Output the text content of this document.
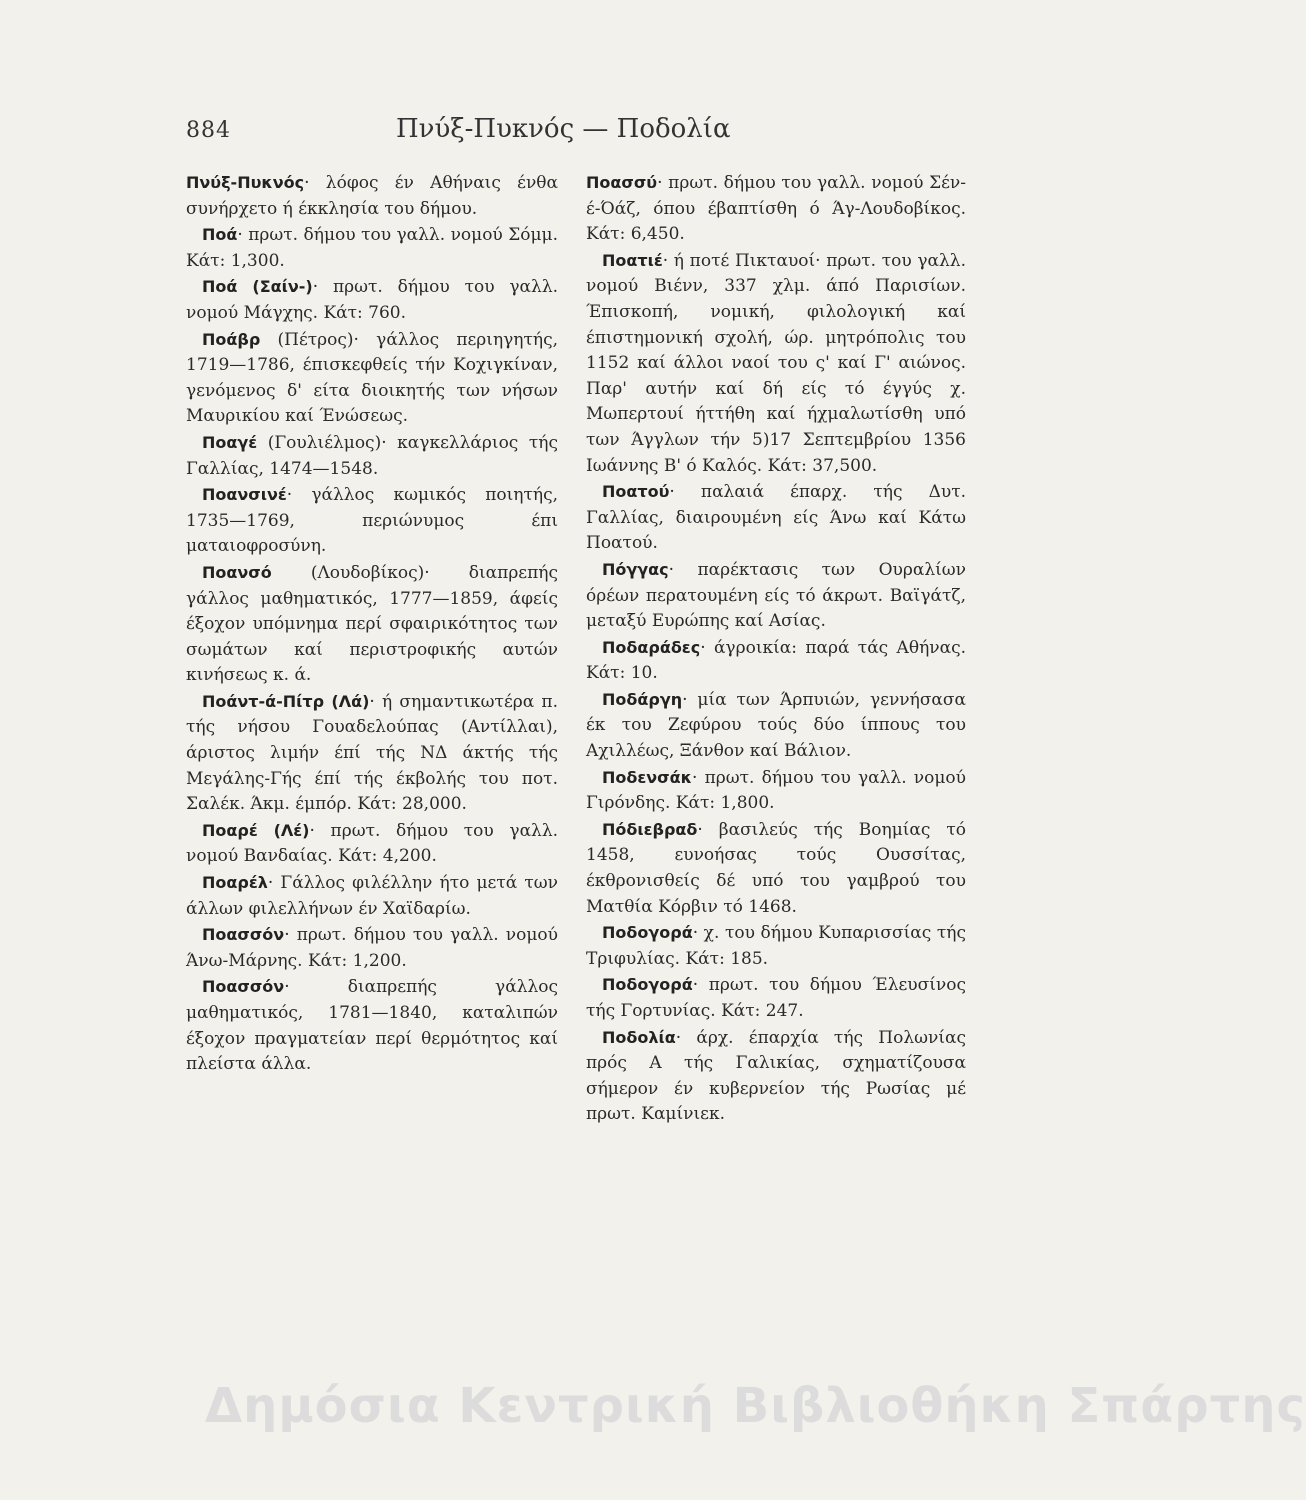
884	Πνύξ-Πυκνός — Ποδολία

Πνύξ-Πυκνός· λόφος έν Αθήναις ένθα συνήρχετο ή έκκλησία του δήμου.

Ποά· πρωτ. δήμου του γαλλ. νομού Σόμμ. Κάτ: 1,300.

Ποά (Σαίν-)· πρωτ. δήμου του γαλλ. νομού Μάγχης. Κάτ: 760.

Ποάβρ (Πέτρος)· γάλλος περιηγητής, 1719—1786, έπισκεφθείς τήν Κοχιγκίναν, γενόμενος δ' είτα διοικητής των νήσων Μαυρικίου καί Ένώσεως.

Ποαγέ (Γουλιέλμος)· καγκελλάριος τής Γαλλίας, 1474—1548.

Ποανσινέ· γάλλος κωμικός ποιητής, 1735—1769, περιώνυμος έπι ματαιοφροσύνη.

Ποανσό (Λουδοβίκος)· διαπρεπής γάλλος μαθηματικός, 1777—1859, άφείς έξοχον υπόμνημα περί σφαιρικότητος των σωμάτων καί περιστροφικής αυτών κινήσεως κ. ά.

Ποάντ-ά-Πίτρ (Λά)· ή σημαντικωτέρα π. τής νήσου Γουαδελούπας (Αντίλλαι), άριστος λιμήν έπί τής ΝΔ άκτής τής Μεγάλης-Γής έπί τής έκβολής του ποτ. Σαλέκ. Άκμ. έμπόρ. Κάτ: 28,000.

Ποαρέ (Λέ)· πρωτ. δήμου του γαλλ. νομού Βανδαίας. Κάτ: 4,200.

Ποαρέλ· Γάλλος φιλέλλην ήτο μετά των άλλων φιλελλήνων έν Χαϊδαρίω.

Ποασσόν· πρωτ. δήμου του γαλλ. νομού Άνω-Μάρνης. Κάτ: 1,200.

Ποασσόν· διαπρεπής γάλλος μαθηματικός, 1781—1840, καταλιπών έξοχον πραγματείαν περί θερμότητος καί πλείστα άλλα.

Ποασσύ· πρωτ. δήμου του γαλλ. νομού Σέν-έ-Όάζ, όπου έβαπτίσθη ό Άγ-Λουδοβίκος. Κάτ: 6,450.

Ποατιέ· ή ποτέ Πικταυοί· πρωτ. του γαλλ. νομού Βιένν, 337 χλμ. άπό Παρισίων. Έπισκοπή, νομική, φιλολογική καί έπιστημονική σχολή, ώρ. μητρόπολις του 1152 καί άλλοι ναοί του ς' καί Γ' αιώνος. Παρ' αυτήν καί δή είς τό έγγύς χ. Μωπερτουί ήττήθη καί ήχμαλωτίσθη υπό των Άγγλων τήν 5)17 Σεπτεμβρίου 1356 Ιωάννης Β' ό Καλός. Κάτ: 37,500.

Ποατού· παλαιά έπαρχ. τής Δυτ. Γαλλίας, διαιρουμένη είς Άνω καί Κάτω Ποατού.

Πόγγας· παρέκτασις των Ουραλίων όρέων περατουμένη είς τό άκρωτ. Βαϊγάτζ, μεταξύ Ευρώπης καί Ασίας.

Ποδαράδες· άγροικία: παρά τάς Αθήνας. Κάτ: 10.

Ποδάργη· μία των Άρπυιών, γεννήσασα έκ του Ζεφύρου τούς δύο ίππους του Αχιλλέως, Ξάνθον καί Βάλιον.

Ποδενσάκ· πρωτ. δήμου του γαλλ. νομού Γιρόνδης. Κάτ: 1,800.

Πόδιεβραδ· βασιλεύς τής Βοημίας τό 1458, ευνοήσας τούς Ουσσίτας, έκθρονισθείς δέ υπό του γαμβρού του Ματθία Κόρβιν τό 1468.

Ποδογορά· χ. του δήμου Κυπαρισσίας τής Τριφυλίας. Κάτ: 185.

Ποδογορά· πρωτ. του δήμου Έλευσίνος τής Γορτυνίας. Κάτ: 247.

Ποδολία· άρχ. έπαρχία τής Πολωνίας πρός Α τής Γαλικίας, σχηματίζουσα σήμερον έν κυβερνείον τής Ρωσίας μέ πρωτ. Καμίνιεκ.

Δημόσια Κεντρική Βιβλιοθήκη Σπάρτης
